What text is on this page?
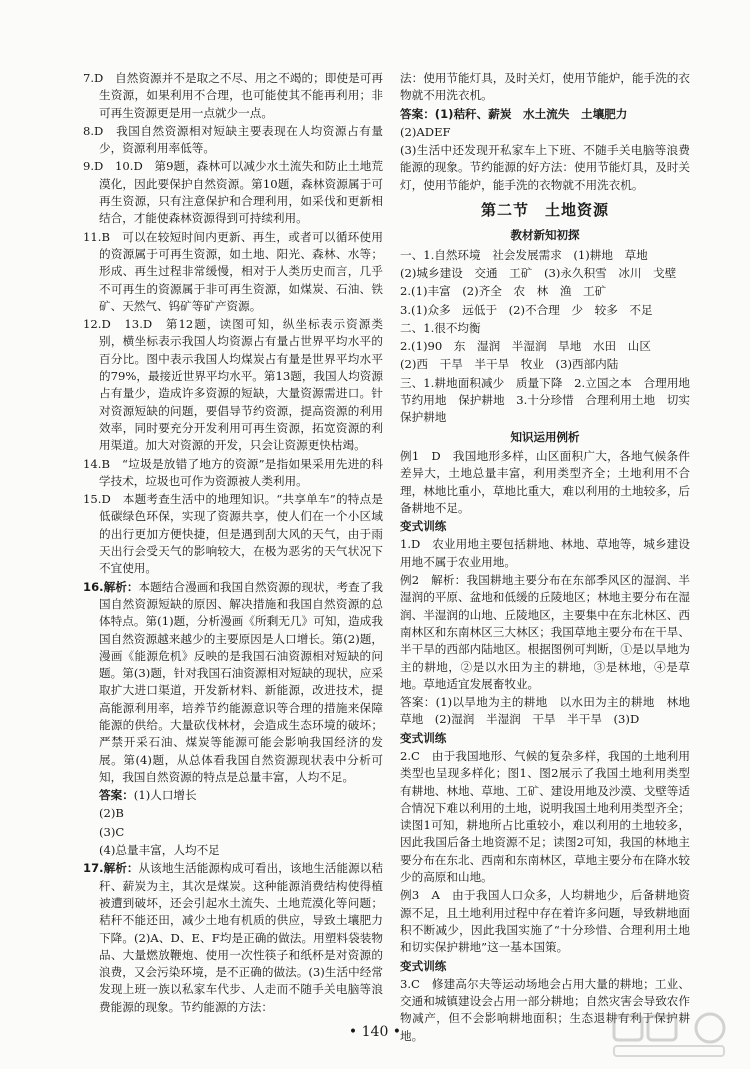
7.D　自然资源并不是取之不尽、用之不竭的；即使是可再生资源，如果利用不合理，也可能使其不能再利用；非可再生资源更是用一点就少一点。

8.D　我国自然资源相对短缺主要表现在人均资源占有量少，资源利用率低等。

9.D　10.D　第9题，森林可以减少水土流失和防止土地荒漠化，因此要保护自然资源。第10题，森林资源属于可再生资源，只有注意保护和合理利用，如采伐和更新相结合，才能使森林资源得到可持续利用。

11.B　可以在较短时间内更新、再生，或者可以循环使用的资源属于可再生资源，如土地、阳光、森林、水等；形成、再生过程非常缓慢，相对于人类历史而言，几乎不可再生的资源属于非可再生资源，如煤炭、石油、铁矿、天然气、钨矿等矿产资源。

12.D　13.D　第12题，读图可知，纵坐标表示资源类别，横坐标表示我国人均资源占有量占世界平均水平的百分比。图中表示我国人均煤炭占有量是世界平均水平的79%，最接近世界平均水平。第13题，我国人均资源占有量少，造成许多资源的短缺，大量资源需进口。针对资源短缺的问题，要倡导节约资源，提高资源的利用效率，同时要充分开发利用可再生资源，拓宽资源的利用渠道。加大对资源的开发，只会让资源更快枯竭。

14.B　“垃圾是放错了地方的资源”是指如果采用先进的科学技术，垃圾也可作为资源被人类利用。

15.D　本题考查生活中的地理知识。“共享单车”的特点是低碳绿色环保，实现了资源共享，使人们在一个小区域的出行更加方便快捷，但是遇到刮大风的天气，由于雨天出行会受天气的影响较大，在极为恶劣的天气状况下不宜使用。

16.解析：本题结合漫画和我国自然资源的现状，考查了我国自然资源短缺的原因、解决措施和我国自然资源的总体特点。第(1)题，分析漫画《所剩无几》可知，造成我国自然资源越来越少的主要原因是人口增长。第(2)题，漫画《能源危机》反映的是我国石油资源相对短缺的问题。第(3)题，针对我国石油资源相对短缺的现状，应采取扩大进口渠道，开发新材料、新能源，改进技术，提高能源利用率，培养节约能源意识等合理的措施来保障能源的供给。大量砍伐林材，会造成生态环境的破坏；严禁开采石油、煤炭等能源可能会影响我国经济的发展。第(4)题，从总体看我国自然资源现状表中分析可知，我国自然资源的特点是总量丰富，人均不足。

答案：(1)人口增长
(2)B
(3)C
(4)总量丰富，人均不足

17.解析：从该地生活能源构成可看出，该地生活能源以秸秆、薪炭为主，其次是煤炭。这种能源消费结构使得植被遭到破坏，还会引起水土流失、土地荒漠化等问题；秸秆不能还田，减少土地有机质的供应，导致土壤肥力下降。(2)A、D、E、F均是正确的做法。用塑料袋装物品、大量燃放鞭炮、使用一次性筷子和纸杯是对资源的浪费，又会污染环境，是不正确的做法。(3)生活中经常发现上班一族以私家车代步、人走而不随手关电脑等浪费能源的现象。节约能源的方法：

法：使用节能灯具，及时关灯，使用节能炉，能手洗的衣物就不用洗衣机。
答案：(1)秸秆、薪炭　水土流失　土壤肥力
(2)ADEF
(3)生活中还发现开私家车上下班、不随手关电脑等浪费能源的现象。节约能源的好方法：使用节能灯具，及时关灯，使用节能炉，能手洗的衣物就不用洗衣机。
第二节　土地资源
教材新知初探
一、1.自然环境　社会发展需求　(1)耕地　草地
(2)城乡建设　交通　工矿　(3)永久积雪　冰川　戈壁
2.(1)丰富　(2)齐全　农　林　渔　工矿
3.(1)众多　远低于　(2)不合理　少　较多　不足
二、1.很不均衡
2.(1)90　东　湿润　半湿润　旱地　水田　山区
(2)西　干旱　半干旱　牧业　(3)西部内陆
三、1.耕地面积减少　质量下降　2.立国之本　合理用地　节约用地　保护耕地　3.十分珍惜　合理利用土地　切实保护耕地
知识运用例析
例1　D　我国地形多样，山区面积广大，各地气候条件差异大，土地总量丰富，利用类型齐全；土地利用不合理，林地比重小，草地比重大，难以利用的土地较多，后备耕地不足。
变式训练
1.D　农业用地主要包括耕地、林地、草地等，城乡建设用地不属于农业用地。
例2　解析：我国耕地主要分布在东部季风区的湿润、半湿润的平原、盆地和低缓的丘陵地区；林地主要分布在湿润、半湿润的山地、丘陵地区，主要集中在东北林区、西南林区和东南林区三大林区；我国草地主要分布在干旱、半干旱的西部内陆地区。根据图例可判断，①是以旱地为主的耕地，②是以水田为主的耕地，③是林地，④是草地。草地适宜发展畜牧业。
答案：(1)以旱地为主的耕地　以水田为主的耕地　林地　草地　(2)湿润　半湿润　干旱　半干旱　(3)D
变式训练
2.C　由于我国地形、气候的复杂多样，我国的土地利用类型也呈现多样化；图1、图2展示了我国土地利用类型有耕地、林地、草地、工矿、建设用地及沙漠、戈壁等适合情况下难以利用的土地，说明我国土地利用类型齐全；读图1可知，耕地所占比重较小，难以利用的土地较多，因此我国后备土地资源不足；读图2可知，我国的林地主要分布在东北、西南和东南林区，草地主要分布在降水较少的高原和山地。
例3　A　由于我国人口众多，人均耕地少，后备耕地资源不足，且土地利用过程中存在着许多问题，导致耕地面积不断减少，因此我国实施了“十分珍惜、合理利用土地和切实保护耕地”这一基本国策。
变式训练
3.C　修建高尔夫等运动场地会占用大量的耕地；工业、交通和城镇建设会占用一部分耕地；自然灾害会导致农作物减产，但不会影响耕地面积；生态退耕有利于保护耕地。
• 140 •
